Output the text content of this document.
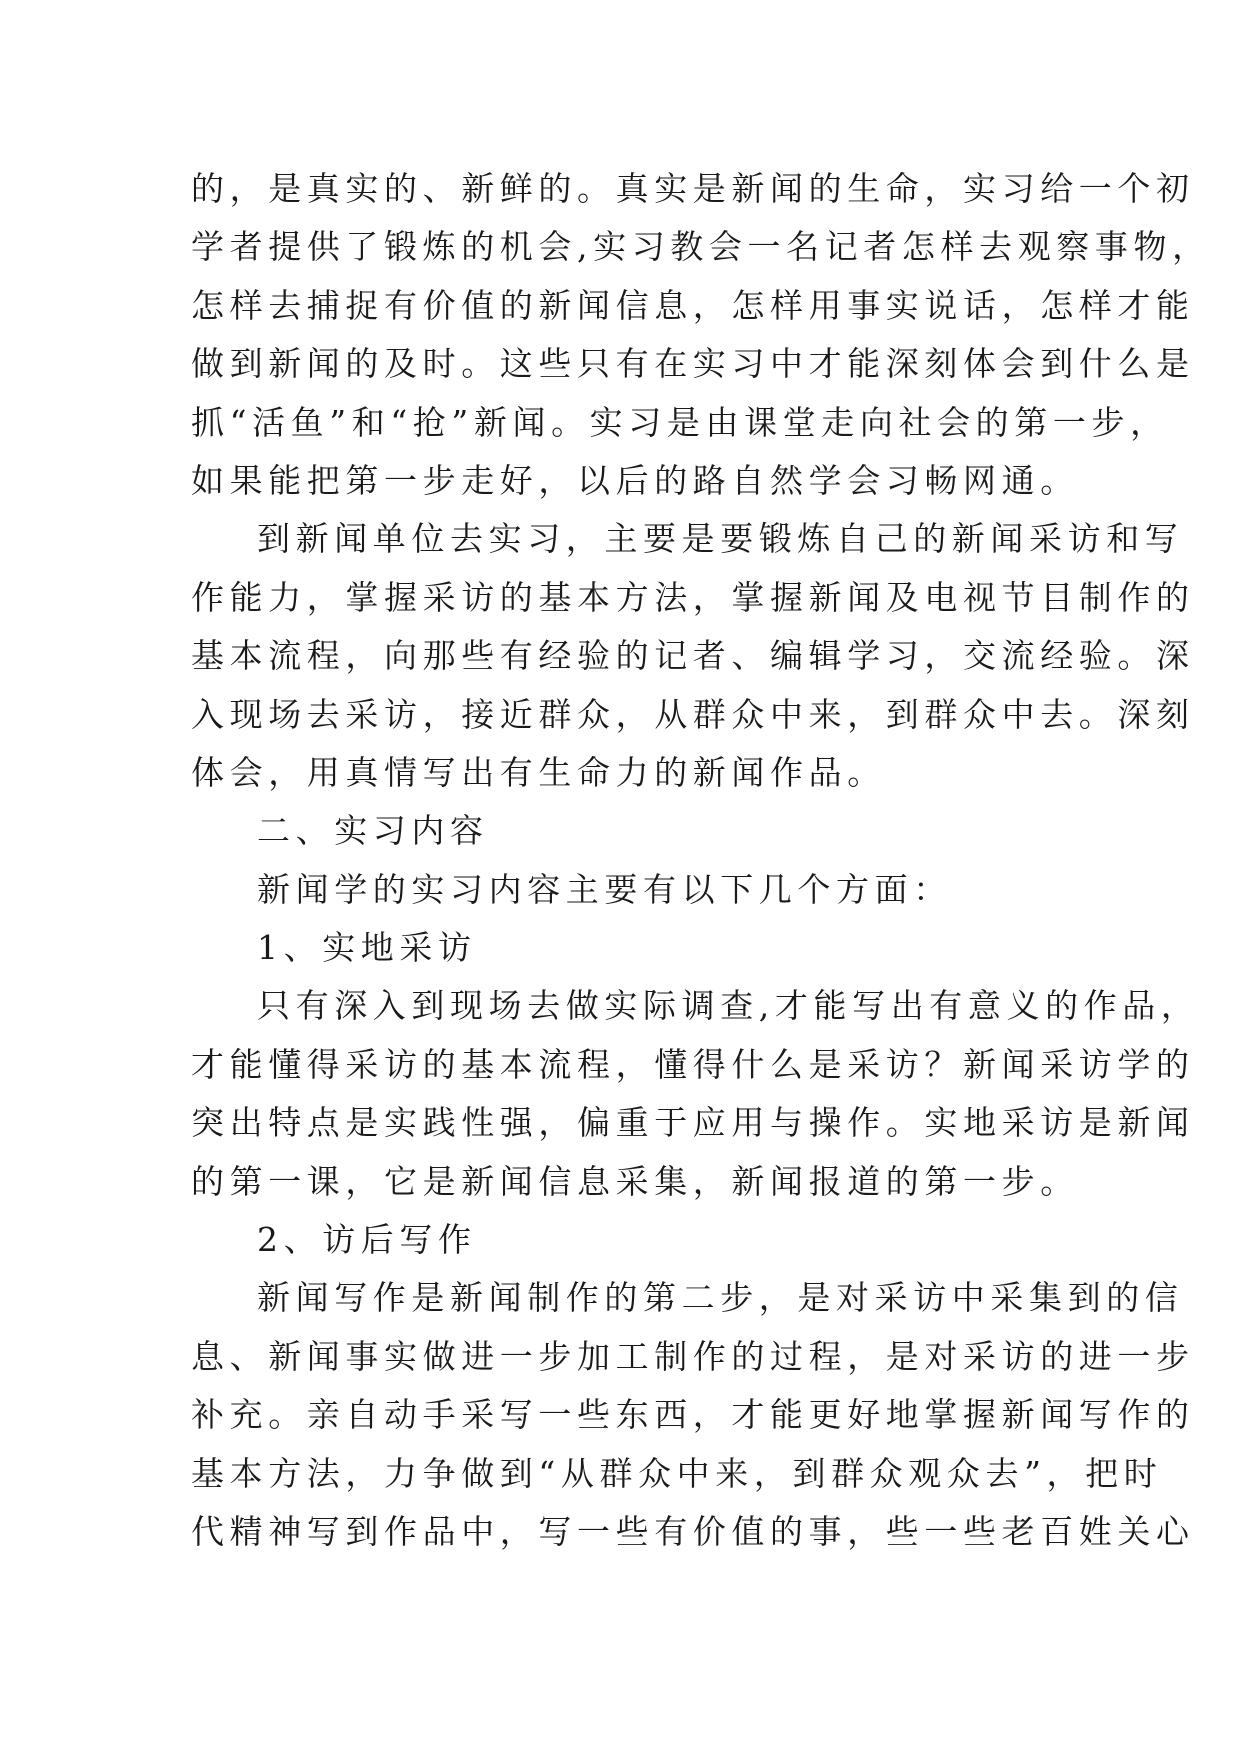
的，是真实的、新鲜的。真实是新闻的生命，实习给一个初
学者提供了锻炼的机会,实习教会一名记者怎样去观察事物，
怎样去捕捉有价值的新闻信息，怎样用事实说话，怎样才能
做到新闻的及时。这些只有在实习中才能深刻体会到什么是
抓“活鱼”和“抢”新闻。实习是由课堂走向社会的第一步，
如果能把第一步走好，以后的路自然学会习畅网通。
到新闻单位去实习，主要是要锻炼自己的新闻采访和写
作能力，掌握采访的基本方法，掌握新闻及电视节目制作的
基本流程，向那些有经验的记者、编辑学习，交流经验。深
入现场去采访，接近群众，从群众中来，到群众中去。深刻
体会，用真情写出有生命力的新闻作品。
二、实习内容
新闻学的实习内容主要有以下几个方面：
1、实地采访
只有深入到现场去做实际调查,才能写出有意义的作品，
才能懂得采访的基本流程，懂得什么是采访？新闻采访学的
突出特点是实践性强，偏重于应用与操作。实地采访是新闻
的第一课，它是新闻信息采集，新闻报道的第一步。
2、访后写作
新闻写作是新闻制作的第二步，是对采访中采集到的信
息、新闻事实做进一步加工制作的过程，是对采访的进一步
补充。亲自动手采写一些东西，才能更好地掌握新闻写作的
基本方法，力争做到“从群众中来，到群众观众去”，把时
代精神写到作品中，写一些有价值的事，些一些老百姓关心
